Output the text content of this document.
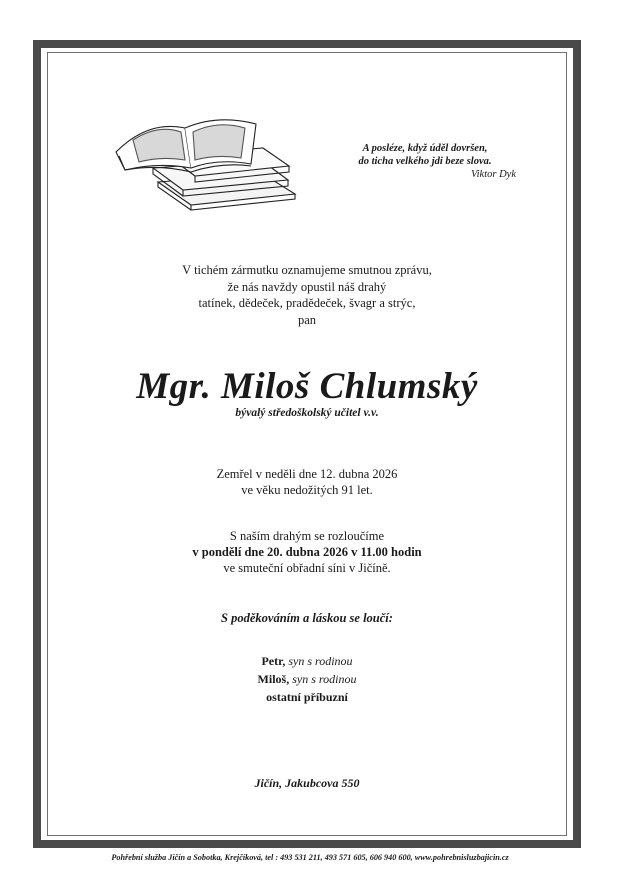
A posléze, když úděl dovršen,
do ticha velkého jdi beze slova.
Viktor Dyk
V tichém zármutku oznamujeme smutnou zprávu,
že nás navždy opustil náš drahý
tatínek, dědeček, pradědeček, švagr a strýc,
pan
Mgr. Miloš Chlumský
bývalý středoškolský učitel v.v.
Zemřel v neděli dne 12. dubna 2026
ve věku nedožitých 91 let.
S naším drahým se rozloučíme
v pondělí dne 20. dubna 2026 v 11.00 hodin
ve smuteční obřadní síni v Jičíně.
S poděkováním a láskou se loučí:
Petr, syn s rodinou
Miloš, syn s rodinou
ostatní příbuzní
Jičín, Jakubcova 550
Pohřební služba Jičín a Sobotka, Krejčíková, tel : 493 531 211, 493 571 605, 606 940 600, www.pohrebnisluzbajicin.cz
